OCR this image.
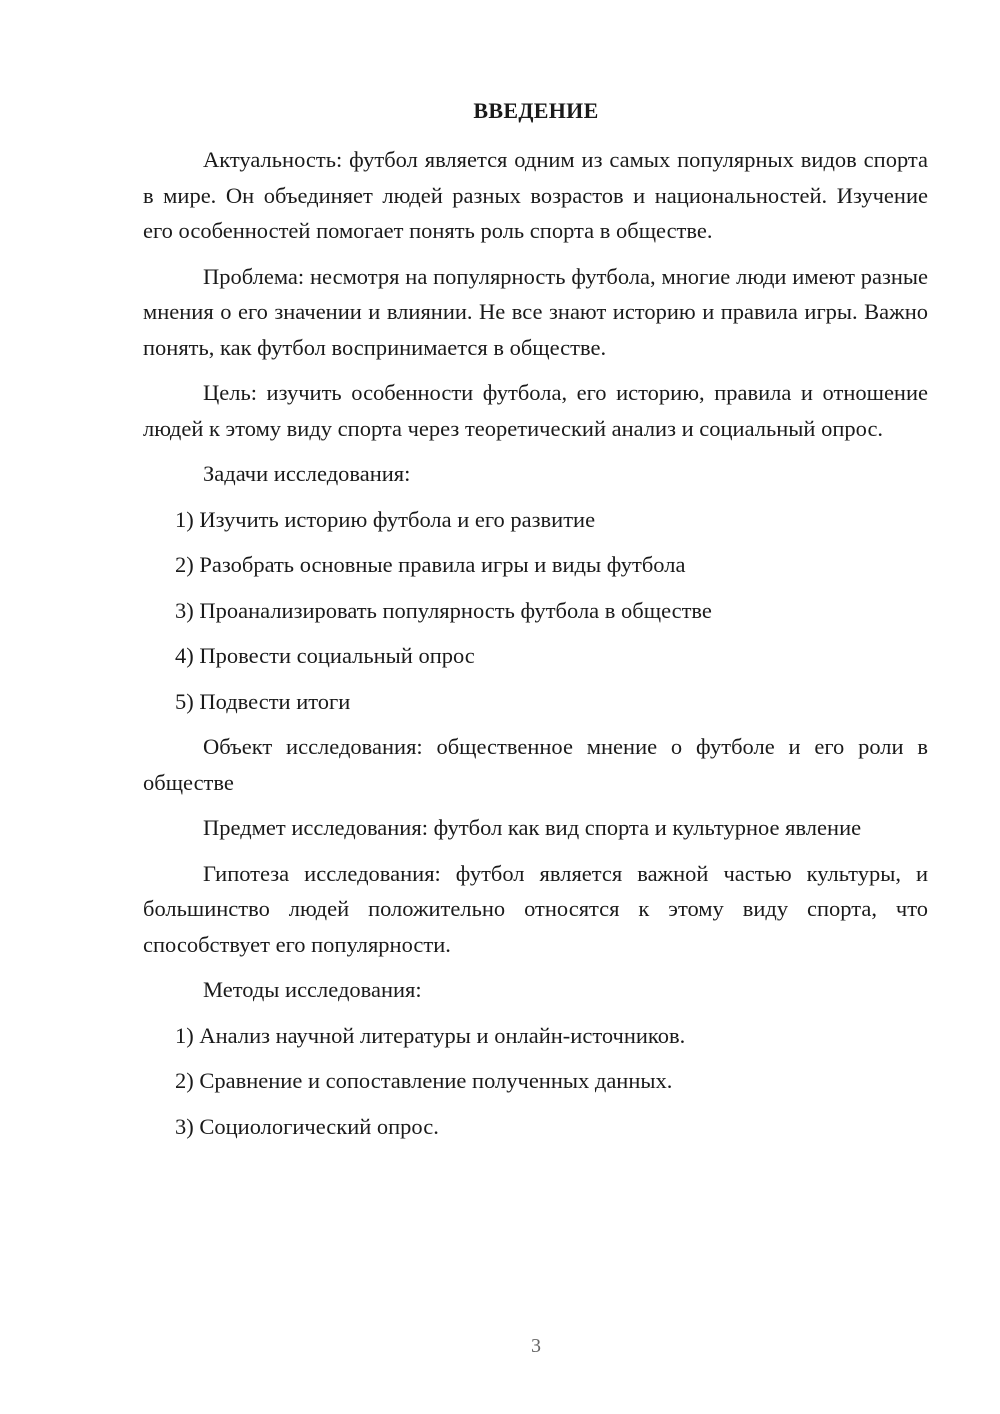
ВВЕДЕНИЕ

Актуальность: футбол является одним из самых популярных видов спорта в мире. Он объединяет людей разных возрастов и национальностей. Изучение его особенностей помогает понять роль спорта в обществе.

Проблема: несмотря на популярность футбола, многие люди имеют разные мнения о его значении и влиянии. Не все знают историю и правила игры. Важно понять, как футбол воспринимается в обществе.

Цель: изучить особенности футбола, его историю, правила и отношение людей к этому виду спорта через теоретический анализ и социальный опрос.

Задачи исследования:

1) Изучить историю футбола и его развитие
2) Разобрать основные правила игры и виды футбола
3) Проанализировать популярность футбола в обществе
4) Провести социальный опрос
5) Подвести итоги

Объект исследования: общественное мнение о футболе и его роли в обществе

Предмет исследования: футбол как вид спорта и культурное явление

Гипотеза исследования: футбол является важной частью культуры, и большинство людей положительно относятся к этому виду спорта, что способствует его популярности.

Методы исследования:

1) Анализ научной литературы и онлайн-источников.
2) Сравнение и сопоставление полученных данных.
3) Социологический опрос.
3
